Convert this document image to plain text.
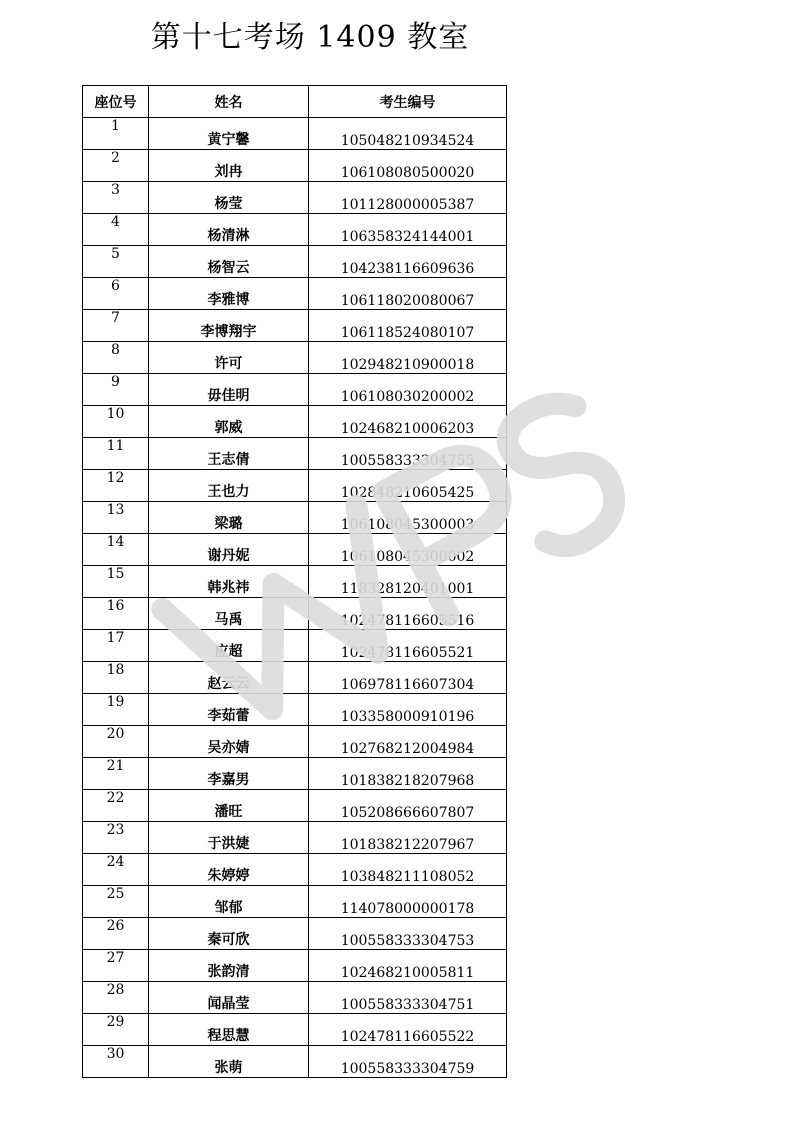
第十七考场 1409 教室
座位号	姓名	考生编号
1	黄宁馨	105048210934524
2	刘冉	106108080500020
3	杨莹	101128000005387
4	杨清淋	106358324144001
5	杨智云	104238116609636
6	李雅博	106118020080067
7	李博翔宇	106118524080107
8	许可	102948210900018
9	毋佳明	106108030200002
10	郭威	102468210006203
11	王志倩	100558333304755
12	王也力	102848210605425
13	梁璐	106108045300003
14	谢丹妮	106108045300002
15	韩兆祎	118328120401001
16	马禹	102478116605516
17	应超	102478116605521
18	赵云云	106978116607304
19	李茹蕾	103358000910196
20	吴亦婧	102768212004984
21	李嘉男	101838218207968
22	潘旺	105208666607807
23	于洪婕	101838212207967
24	朱婷婷	103848211108052
25	邹郁	114078000000178
26	秦可欣	100558333304753
27	张韵清	102468210005811
28	闻晶莹	100558333304751
29	程思慧	102478116605522
30	张萌	100558333304759
